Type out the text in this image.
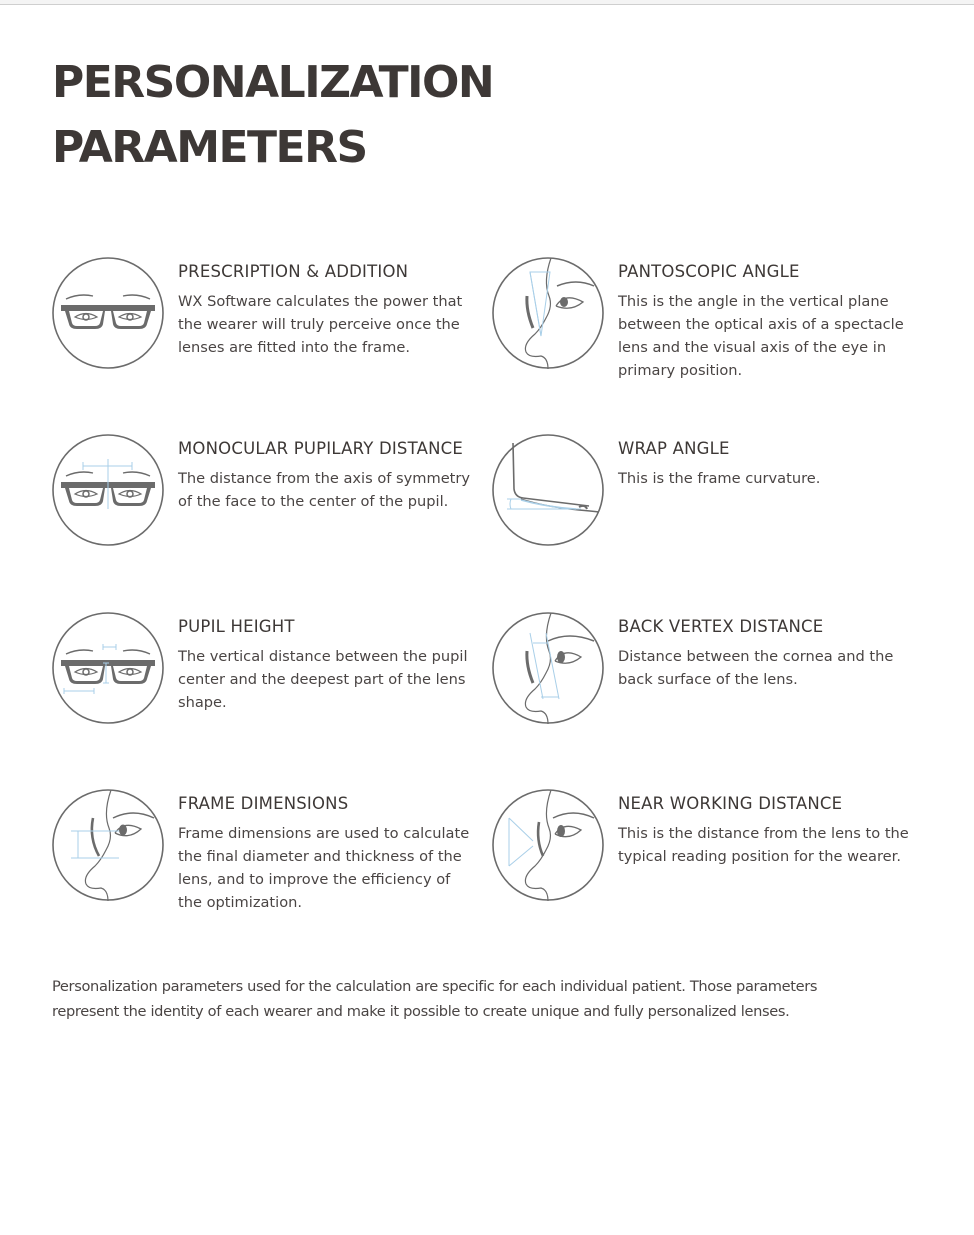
PERSONALIZATION
PARAMETERS
PRESCRIPTION & ADDITION

WX Software calculates the power that the wearer will truly perceive once the lenses are fitted into the frame.

PANTOSCOPIC ANGLE

This is the angle in the vertical plane between the optical axis of a spectacle lens and the visual axis of the eye in primary position.

MONOCULAR PUPILARY DISTANCE

The distance from the axis of symmetry of the face to the center of the pupil.

WRAP ANGLE

This is the frame curvature.

PUPIL HEIGHT

The vertical distance between the pupil center and the deepest part of the lens shape.

BACK VERTEX DISTANCE

Distance between the cornea and the back surface of the lens.

FRAME DIMENSIONS

Frame dimensions are used to calculate the final diameter and thickness of the lens, and to improve the efficiency of the optimization.

NEAR WORKING DISTANCE

This is the distance from the lens to the typical reading position for the wearer.

Personalization parameters used for the calculation are specific for each individual patient. Those parameters represent the identity of each wearer and make it possible to create unique and fully personalized lenses.
